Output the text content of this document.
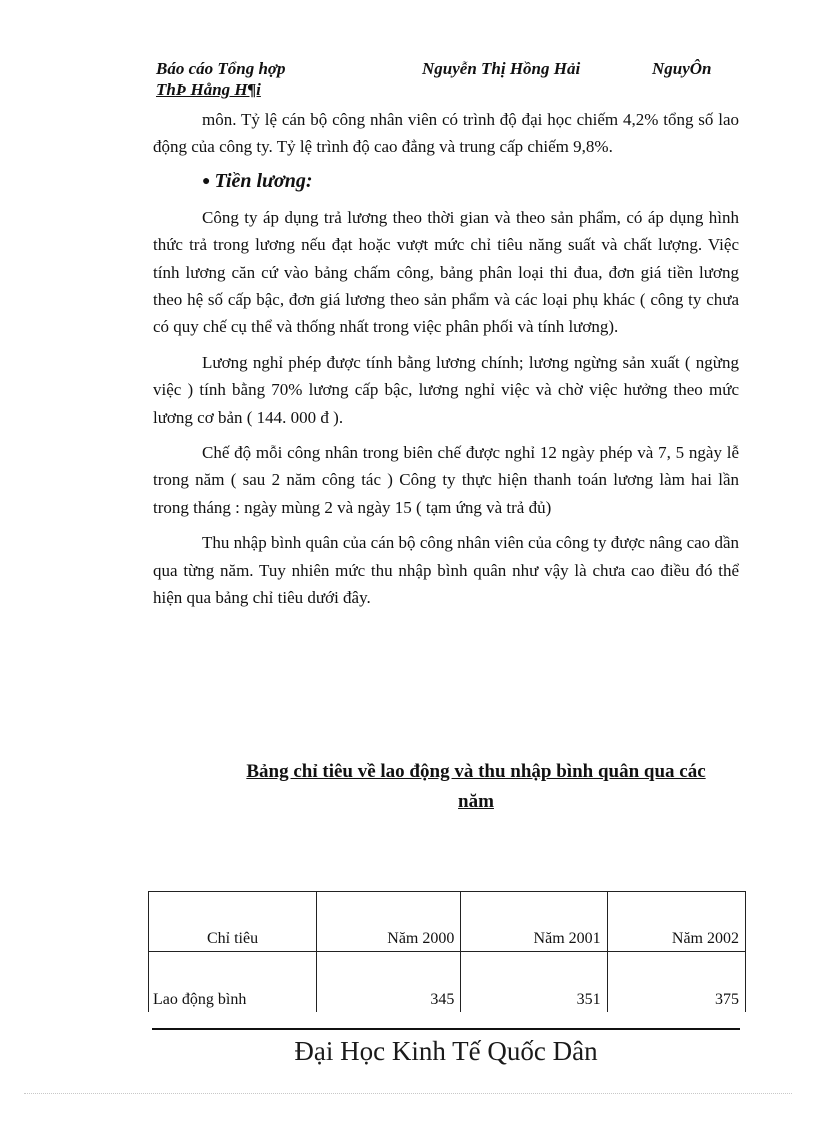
Báo cáo Tổng hợp	Nguyễn Thị Hồng Hải	NguyÔn
ThÞ Hång H¶i

môn. Tỷ lệ cán bộ công nhân viên có trình độ đại học chiếm 4,2% tổng số lao động của công ty. Tỷ lệ trình độ cao đẳng và trung cấp chiếm 9,8%.

● Tiền lương:

Công ty áp dụng trả lương theo thời gian và theo sản phẩm, có áp dụng hình thức trả trong lương nếu đạt hoặc vượt mức chỉ tiêu năng suất và chất lượng. Việc tính lương căn cứ vào bảng chấm công, bảng phân loại thi đua, đơn giá tiền lương theo hệ số cấp bậc, đơn giá lương theo sản phẩm và các loại phụ khác ( công ty chưa có quy chế cụ thể và thống nhất trong việc phân phối và tính lương).

Lương nghỉ phép được tính bằng lương chính; lương ngừng sản xuất ( ngừng việc ) tính bằng 70% lương cấp bậc, lương nghỉ việc và chờ việc hưởng theo mức lương cơ bản ( 144. 000 đ ).

Chế độ mỗi công nhân trong biên chế được nghỉ 12 ngày phép và 7, 5 ngày lễ trong năm ( sau 2 năm công tác ) Công ty thực hiện thanh toán lương làm hai lần trong tháng : ngày mùng 2 và ngày 15 ( tạm ứng và trả đủ)

Thu nhập bình quân của cán bộ công nhân viên của công ty được nâng cao dần qua từng năm. Tuy nhiên mức thu nhập bình quân như vậy là chưa cao điều đó thể hiện qua bảng chỉ tiêu dưới đây.

Bảng chỉ tiêu về lao động và thu nhập bình quân qua các
năm
Chỉ tiêu	Năm 2000	Năm 2001	Năm 2002
Lao động bình	345	351	375
Đại Học Kinh Tế Quốc Dân
